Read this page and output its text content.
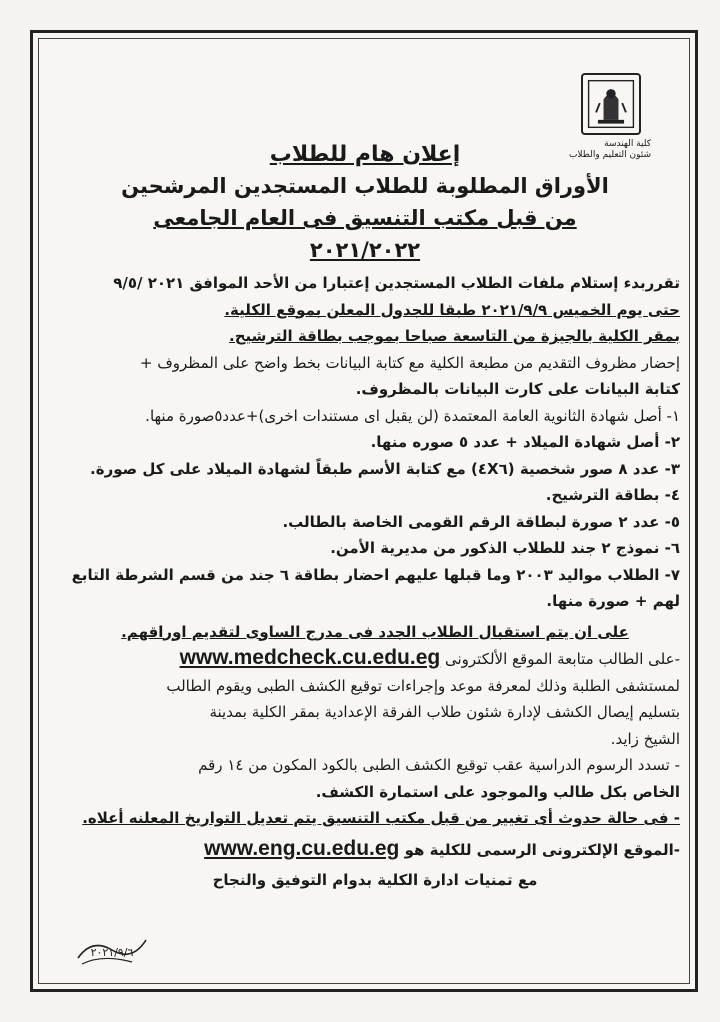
كلية الهندسة
شئون التعليم والطلاب
إعلان هام للطلاب
الأوراق المطلوبة للطلاب المستجدين المرشحين
من قبل مكتب التنسيق فى العام الجامعى ٢٠٢١/٢٠٢٢

تقرربدء إستلام ملفات الطلاب المستجدين إعتبارا من الأحد الموافق ٢٠٢١ /٩/٥

حتى يوم الخميس ٢٠٢١/٩/٩ طبقا للجدول المعلن بموقع الكلية.

بمقر الكلية بالجيزة من التاسعة صباحا بموجب بطاقة الترشيح.

إحضار مظروف التقديم من مطبعة الكلية مع كتابة البيانات بخط واضح على المظروف +

كتابة البيانات على كارت البيانات بالمظروف.

١- أصل شهادة الثانوية العامة المعتمدة (لن يقبل اى مستندات اخرى)+عدد٥صورة منها.

٢- أصل شهادة الميلاد + عدد ٥ صوره منها.

٣- عدد ٨ صور شخصية (٤X٦) مع كتابة الأسم طبقاً لشهادة الميلاد على كل صورة.

٤- بطاقة الترشيح.

٥- عدد ٢ صورة لبطاقة الرقم القومى الخاصة بالطالب.

٦- نموذج ٢ جند للطلاب الذكور من مديرية الأمن.

٧- الطلاب مواليد ٢٠٠٣ وما قبلها عليهم احضار بطاقة ٦ جند من قسم الشرطة التابع

لهم + صورة منها.

على ان يتم استقبال الطلاب الجدد فى مدرج الساوى لتقديم اوراقهم.

-على الطالب متابعة الموقع الألكترونى www.medcheck.cu.edu.eg

لمستشفى الطلبة وذلك لمعرفة موعد وإجراءات توقيع الكشف الطبى ويقوم الطالب

بتسليم إيصال الكشف لإدارة شئون طلاب الفرقة الإعدادية بمقر الكلية بمدينة

الشيخ زايد.

- تسدد الرسوم الدراسية عقب توقيع الكشف الطبى بالكود المكون من ١٤ رقم

الخاص بكل طالب والموجود على استمارة الكشف.

- فى حالة حدوث أى تغيير من قبل مكتب التنسيق يتم تعديل التواريخ المعلنه أعلاه.

-الموقع الإلكترونى الرسمى للكلية هو www.eng.cu.edu.eg

مع تمنيات ادارة الكلية بدوام التوفيق والنجاح

٢٠٢١/٩/٦
